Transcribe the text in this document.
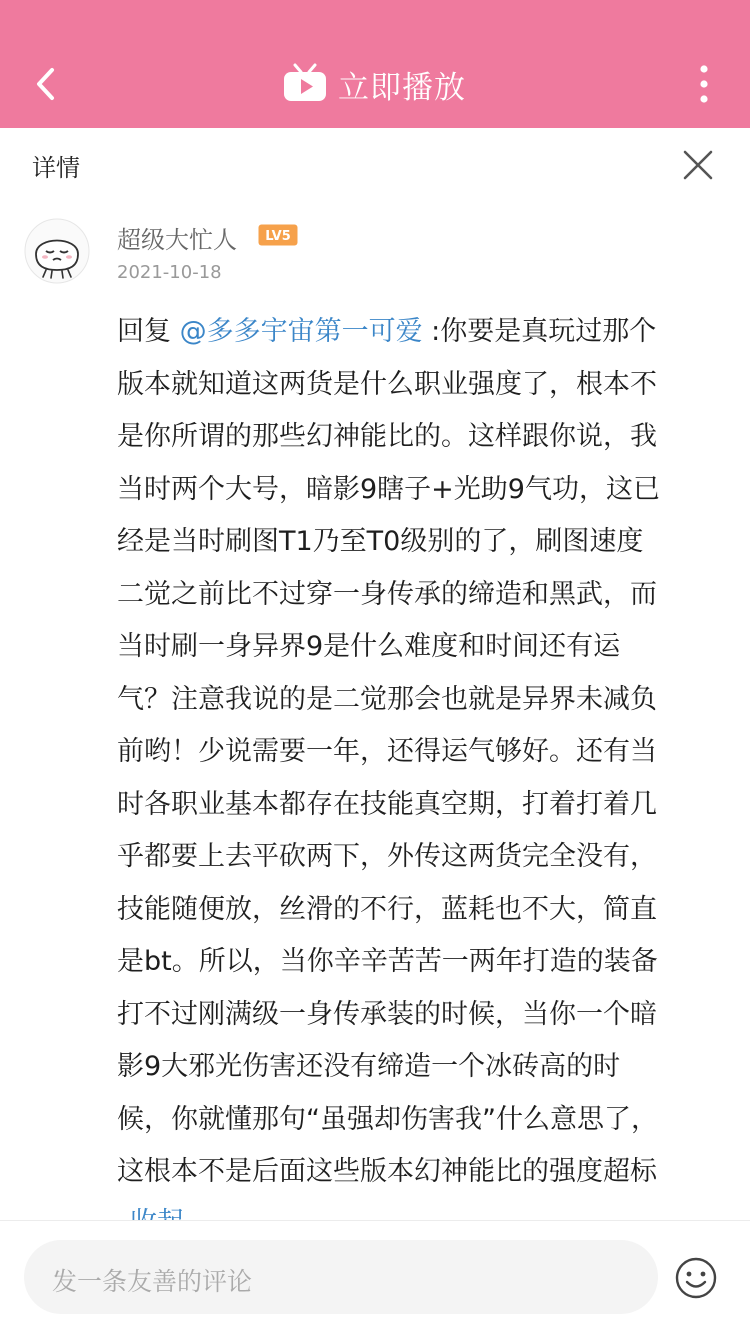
立即播放
详情
超级大忙人 LV5
2021-10-18
回复 @多多宇宙第一可爱 :你要是真玩过那个
版本就知道这两货是什么职业强度了，根本不
是你所谓的那些幻神能比的。这样跟你说，我
当时两个大号，暗影9瞎子+光助9气功，这已
经是当时刷图T1乃至T0级别的了，刷图速度
二觉之前比不过穿一身传承的缔造和黑武，而
当时刷一身异界9是什么难度和时间还有运
气？注意我说的是二觉那会也就是异界未减负
前哟！少说需要一年，还得运气够好。还有当
时各职业基本都存在技能真空期，打着打着几
乎都要上去平砍两下，外传这两货完全没有，
技能随便放，丝滑的不行，蓝耗也不大，简直
是bt。所以，当你辛辛苦苦一两年打造的装备
打不过刚满级一身传承装的时候，当你一个暗
影9大邪光伤害还没有缔造一个冰砖高的时
候，你就懂那句“虽强却伤害我”什么意思了，
这根本不是后面这些版本幻神能比的强度超标
发一条友善的评论
